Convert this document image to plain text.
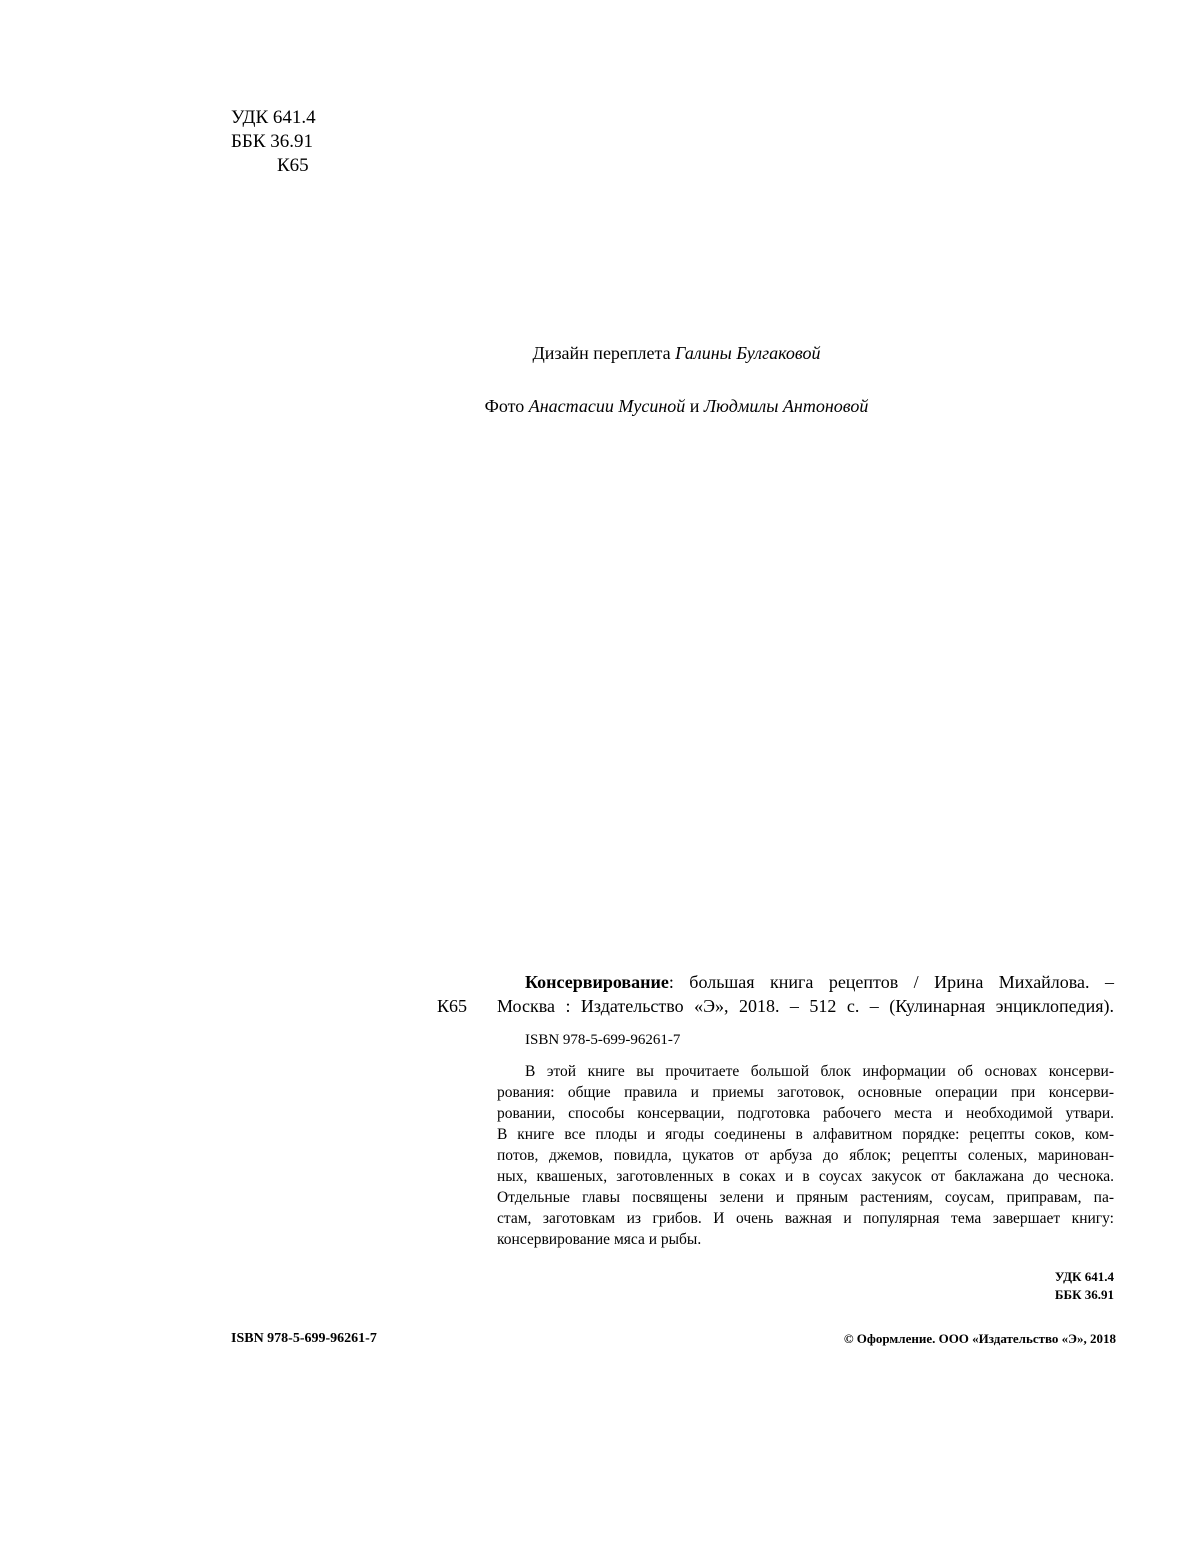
УДК 641.4
ББК 36.91
К65
Дизайн переплета Галины Булгаковой
Фото Анастасии Мусиной и Людмилы Антоновой
К65
Консервирование: большая книга рецептов / Ирина Михайлова. –
Москва : Издательство «Э», 2018. – 512 с. – (Кулинарная энциклопедия).
ISBN 978-5-699-96261-7
В этой книге вы прочитаете большой блок информации об основах консерви-
рования: общие правила и приемы заготовок, основные операции при консерви-
ровании, способы консервации, подготовка рабочего места и необходимой утвари.
В книге все плоды и ягоды соединены в алфавитном порядке: рецепты соков, ком-
потов, джемов, повидла, цукатов от арбуза до яблок; рецепты соленых, маринован-
ных, квашеных, заготовленных в соках и в соусах закусок от баклажана до чеснока.
Отдельные главы посвящены зелени и пряным растениям, соусам, приправам, па-
стам, заготовкам из грибов. И очень важная и популярная тема завершает книгу:
консервирование мяса и рыбы.
УДК 641.4
ББК 36.91
ISBN 978-5-699-96261-7	© Оформление. ООО «Издательство «Э», 2018
